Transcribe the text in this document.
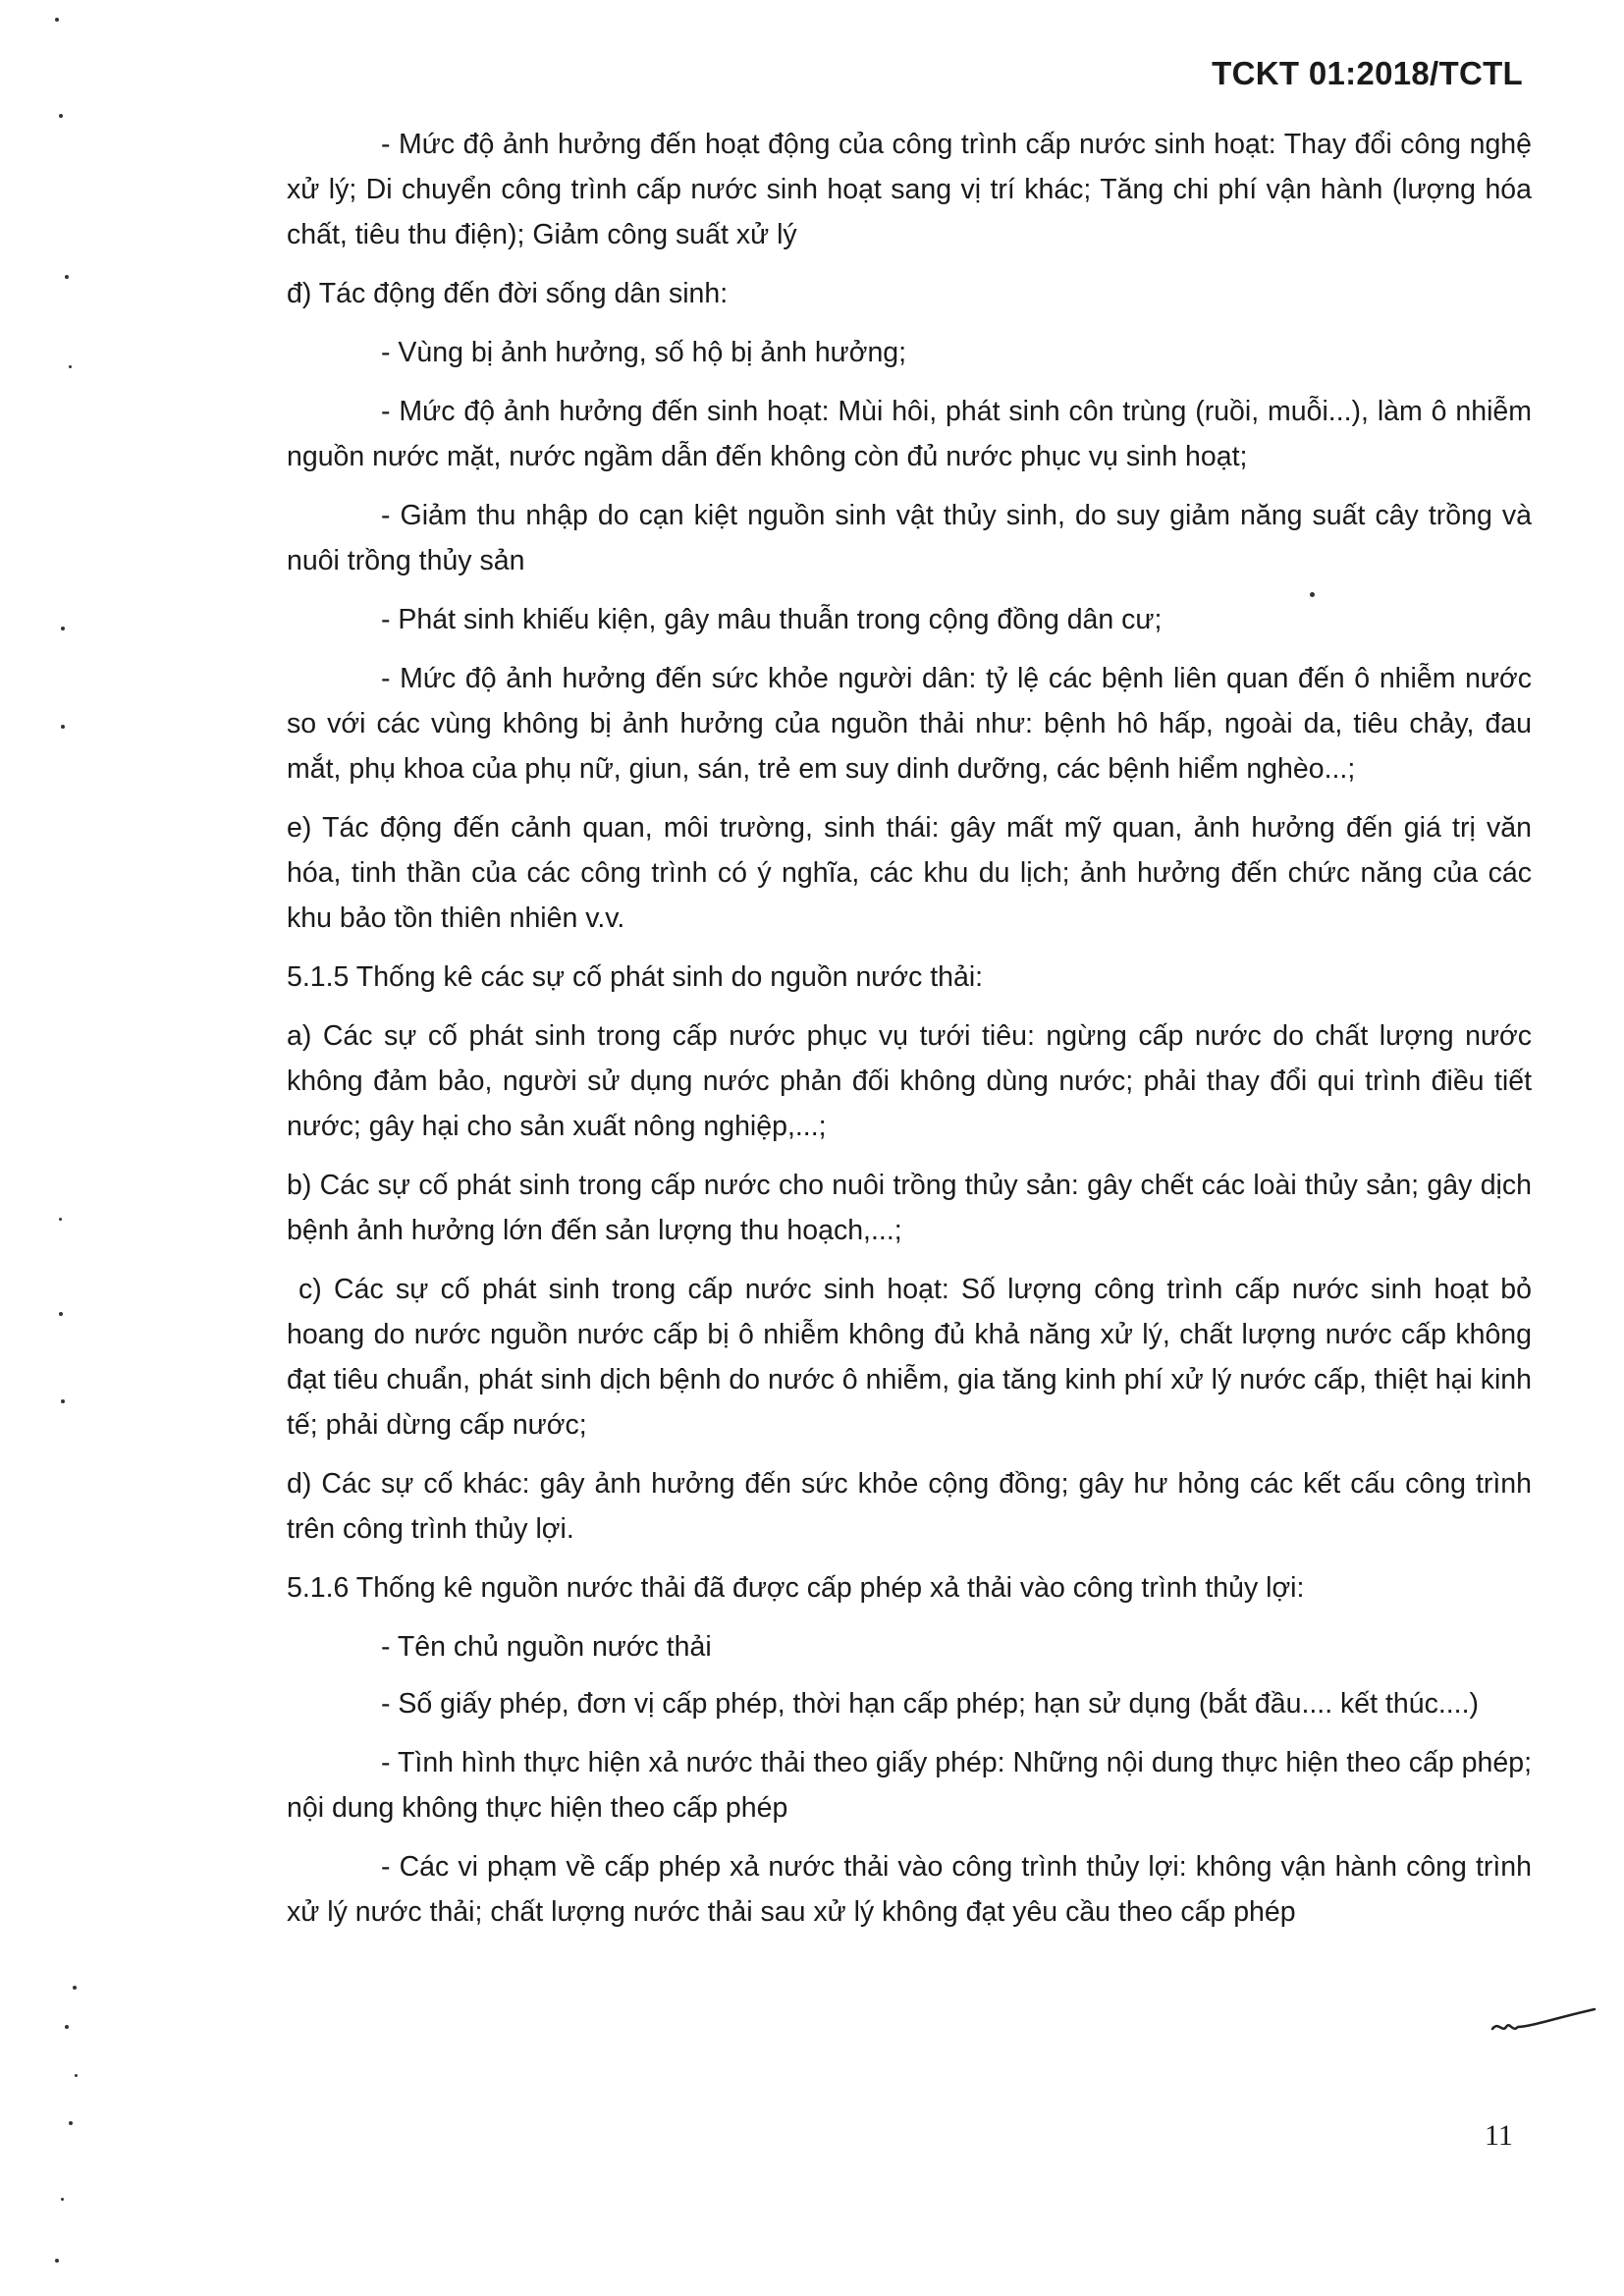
TCKT 01:2018/TCTL

- Mức độ ảnh hưởng đến hoạt động của công trình cấp nước sinh hoạt: Thay đổi công nghệ xử lý; Di chuyển công trình cấp nước sinh hoạt sang vị trí khác; Tăng chi phí vận hành (lượng hóa chất, tiêu thu điện); Giảm công suất xử lý

đ) Tác động đến đời sống dân sinh:

- Vùng bị ảnh hưởng, số hộ bị ảnh hưởng;

- Mức độ ảnh hưởng đến sinh hoạt: Mùi hôi, phát sinh côn trùng (ruồi, muỗi...), làm ô nhiễm nguồn nước mặt, nước ngầm dẫn đến không còn đủ nước phục vụ sinh hoạt;

- Giảm thu nhập do cạn kiệt nguồn sinh vật thủy sinh, do suy giảm năng suất cây trồng và nuôi trồng thủy sản

- Phát sinh khiếu kiện, gây mâu thuẫn trong cộng đồng dân cư;

- Mức độ ảnh hưởng đến sức khỏe người dân: tỷ lệ các bệnh liên quan đến ô nhiễm nước so với các vùng không bị ảnh hưởng của nguồn thải như: bệnh hô hấp, ngoài da, tiêu chảy, đau mắt, phụ khoa của phụ nữ, giun, sán, trẻ em suy dinh dưỡng, các bệnh hiểm nghèo...;

e) Tác động đến cảnh quan, môi trường, sinh thái: gây mất mỹ quan, ảnh hưởng đến giá trị văn hóa, tinh thần của các công trình có ý nghĩa, các khu du lịch; ảnh hưởng đến chức năng của các khu bảo tồn thiên nhiên v.v.

5.1.5 Thống kê các sự cố phát sinh do nguồn nước thải:

a) Các sự cố phát sinh trong cấp nước phục vụ tưới tiêu: ngừng cấp nước do chất lượng nước không đảm bảo, người sử dụng nước phản đối không dùng nước; phải thay đổi qui trình điều tiết nước; gây hại cho sản xuất nông nghiệp,...;

b) Các sự cố phát sinh trong cấp nước cho nuôi trồng thủy sản: gây chết các loài thủy sản; gây dịch bệnh ảnh hưởng lớn đến sản lượng thu hoạch,...;

c) Các sự cố phát sinh trong cấp nước sinh hoạt: Số lượng công trình cấp nước sinh hoạt bỏ hoang do nước nguồn nước cấp bị ô nhiễm không đủ khả năng xử lý, chất lượng nước cấp không đạt tiêu chuẩn, phát sinh dịch bệnh do nước ô nhiễm, gia tăng kinh phí xử lý nước cấp, thiệt hại kinh tế; phải dừng cấp nước;

d) Các sự cố khác: gây ảnh hưởng đến sức khỏe cộng đồng; gây hư hỏng các kết cấu công trình trên công trình thủy lợi.

5.1.6 Thống kê nguồn nước thải đã được cấp phép xả thải vào công trình thủy lợi:

- Tên chủ nguồn nước thải

- Số giấy phép, đơn vị cấp phép, thời hạn cấp phép; hạn sử dụng (bắt đầu.... kết thúc....)

- Tình hình thực hiện xả nước thải theo giấy phép: Những nội dung thực hiện theo cấp phép; nội dung không thực hiện theo cấp phép

- Các vi phạm về cấp phép xả nước thải vào công trình thủy lợi: không vận hành công trình xử lý nước thải; chất lượng nước thải sau xử lý không đạt yêu cầu theo cấp phép

11
